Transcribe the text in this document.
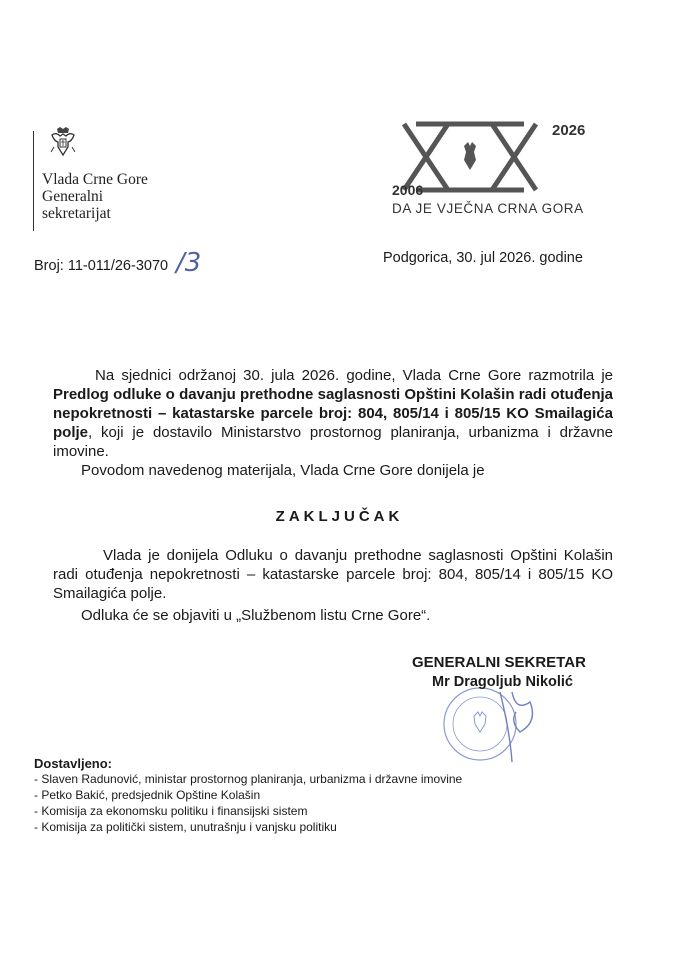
Vlada Crne Gore
Generalni
sekretarijat
2026
2006
DA JE VJEČNA CRNA GORA
Broj: 11-011/26-3070 /3	Podgorica, 30. jul 2026. godine
Na sjednici održanoj 30. jula 2026. godine, Vlada Crne Gore razmotrila je Predlog odluke o davanju prethodne saglasnosti Opštini Kolašin radi otuđenja nepokretnosti – katastarske parcele broj: 804, 805/14 i 805/15 KO Smailagića polje, koji je dostavilo Ministarstvo prostornog planiranja, urbanizma i državne imovine.
Povodom navedenog materijala, Vlada Crne Gore donijela je
ZAKLJUČAK
Vlada je donijela Odluku o davanju prethodne saglasnosti Opštini Kolašin radi otuđenja nepokretnosti – katastarske parcele broj: 804, 805/14 i 805/15 KO Smailagića polje.
Odluka će se objaviti u „Službenom listu Crne Gore“.
GENERALNI SEKRETAR
Mr Dragoljub Nikolić
Dostavljeno:
- Slaven Radunović, ministar prostornog planiranja, urbanizma i državne imovine
- Petko Bakić, predsjednik Opštine Kolašin
- Komisija za ekonomsku politiku i finansijski sistem
- Komisija za politički sistem, unutrašnju i vanjsku politiku
